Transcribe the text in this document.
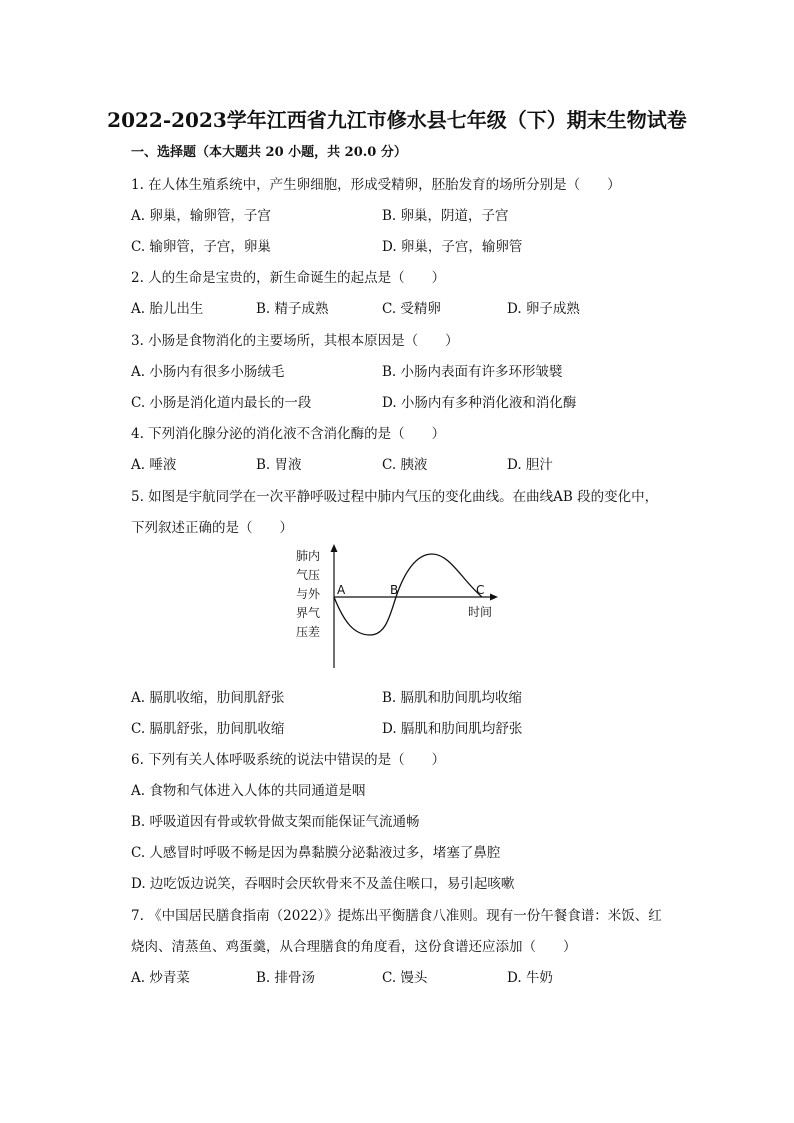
2022-2023学年江西省九江市修水县七年级（下）期末生物试卷
一、选择题（本大题共 20 小题，共 20.0 分）
1. 在人体生殖系统中，产生卵细胞，形成受精卵，胚胎发育的场所分别是（　　）
A. 卵巢，输卵管，子宫	B. 卵巢，阴道，子宫
C. 输卵管，子宫，卵巢	D. 卵巢，子宫，输卵管
2. 人的生命是宝贵的，新生命诞生的起点是（　　）
A. 胎儿出生	B. 精子成熟	C. 受精卵	D. 卵子成熟
3. 小肠是食物消化的主要场所，其根本原因是（　　）
A. 小肠内有很多小肠绒毛	B. 小肠内表面有许多环形皱襞
C. 小肠是消化道内最长的一段	D. 小肠内有多种消化液和消化酶
4. 下列消化腺分泌的消化液不含消化酶的是（　　）
A. 唾液	B. 胃液	C. 胰液	D. 胆汁
5. 如图是宇航同学在一次平静呼吸过程中肺内气压的变化曲线。在曲线AB 段的变化中，
下列叙述正确的是（　　）
肺内
气压
与外
界气
压差
A	B	C
时间
A. 膈肌收缩，肋间肌舒张	B. 膈肌和肋间肌均收缩
C. 膈肌舒张，肋间肌收缩	D. 膈肌和肋间肌均舒张
6. 下列有关人体呼吸系统的说法中错误的是（　　）
A. 食物和气体进入人体的共同通道是咽
B. 呼吸道因有骨或软骨做支架而能保证气流通畅
C. 人感冒时呼吸不畅是因为鼻黏膜分泌黏液过多，堵塞了鼻腔
D. 边吃饭边说笑，吞咽时会厌软骨来不及盖住喉口，易引起咳嗽
7. 《中国居民膳食指南（2022）》提炼出平衡膳食八准则。现有一份午餐食谱：米饭、红
烧肉、清蒸鱼、鸡蛋羹，从合理膳食的角度看，这份食谱还应添加（　　）
A. 炒青菜	B. 排骨汤	C. 馒头	D. 牛奶
